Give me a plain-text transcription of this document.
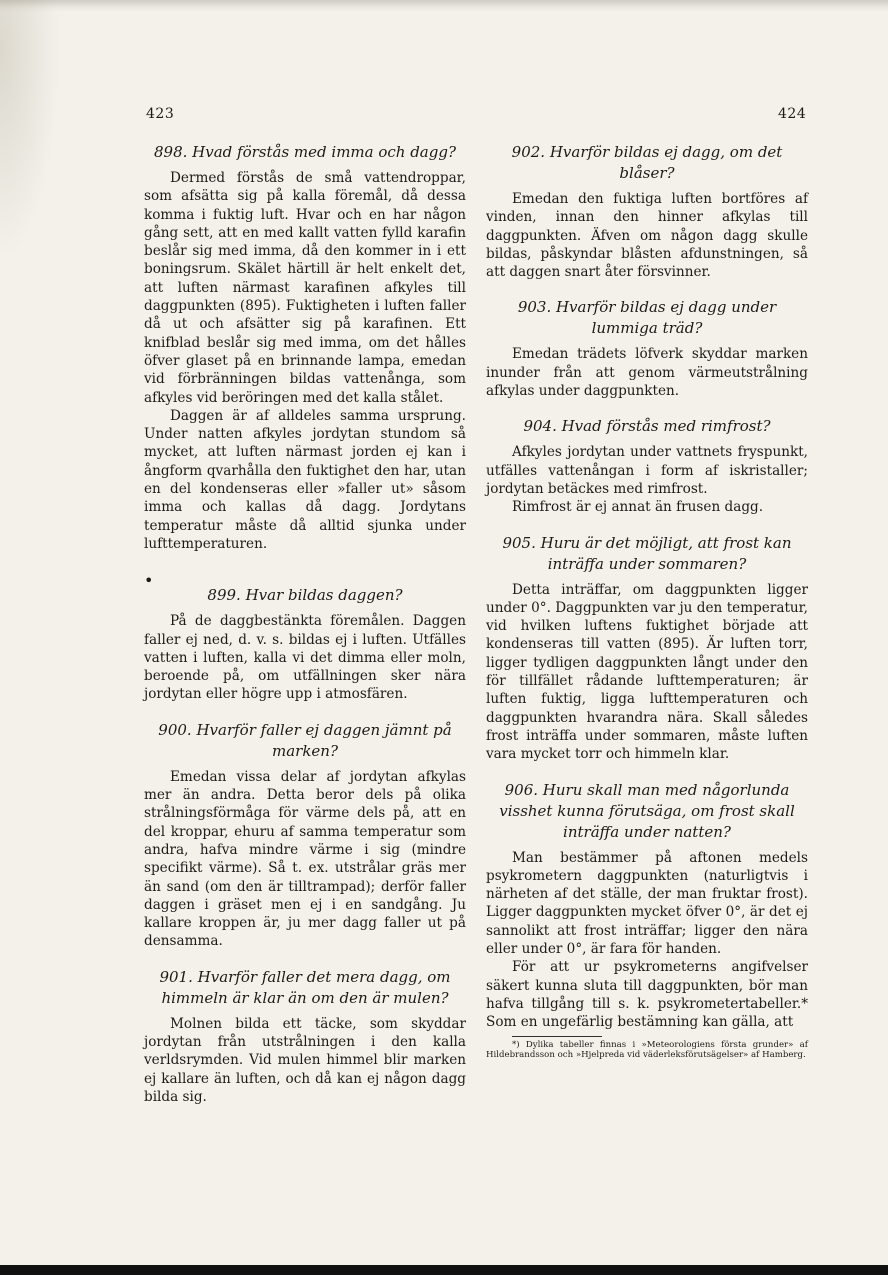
423	424
898. Hvad förstås med imma och dagg?

Dermed förstås de små vattendroppar, som afsätta sig på kalla föremål, då dessa komma i fuktig luft. Hvar och en har någon gång sett, att en med kallt vatten fylld karafin beslår sig med imma, då den kommer in i ett boningsrum. Skälet härtill är helt enkelt det, att luften närmast karafinen afkyles till daggpunkten (895). Fuktigheten i luften faller då ut och afsätter sig på karafinen. Ett knifblad beslår sig med imma, om det hålles öfver glaset på en brinnande lampa, emedan vid förbränningen bildas vattenånga, som afkyles vid beröringen med det kalla stålet.

Daggen är af alldeles samma ursprung. Under natten afkyles jordytan stundom så mycket, att luften närmast jorden ej kan i ångform qvarhålla den fuktighet den har, utan en del kondenseras eller »faller ut» såsom imma och kallas då dagg. Jordytans temperatur måste då alltid sjunka under lufttemperaturen.

•
899. Hvar bildas daggen?

På de daggbestänkta föremålen. Daggen faller ej ned, d. v. s. bildas ej i luften. Utfälles vatten i luften, kalla vi det dimma eller moln, beroende på, om utfällningen sker nära jordytan eller högre upp i atmosfären.

900. Hvarför faller ej daggen jämnt på marken?

Emedan vissa delar af jordytan afkylas mer än andra. Detta beror dels på olika strålningsförmåga för värme dels på, att en del kroppar, ehuru af samma temperatur som andra, hafva mindre värme i sig (mindre specifikt värme). Så t. ex. utstrålar gräs mer än sand (om den är tilltrampad); derför faller daggen i gräset men ej i en sandgång. Ju kallare kroppen är, ju mer dagg faller ut på densamma.

901. Hvarför faller det mera dagg, om himmeln är klar än om den är mulen?

Molnen bilda ett täcke, som skyddar jordytan från utstrålningen i den kalla verldsrymden. Vid mulen himmel blir marken ej kallare än luften, och då kan ej någon dagg bilda sig.

902. Hvarför bildas ej dagg, om det blåser?

Emedan den fuktiga luften bortföres af vinden, innan den hinner afkylas till daggpunkten. Äfven om någon dagg skulle bildas, påskyndar blåsten afdunstningen, så att daggen snart åter försvinner.

903. Hvarför bildas ej dagg under lummiga träd?

Emedan trädets löfverk skyddar marken inunder från att genom värmeutstrålning afkylas under daggpunkten.

904. Hvad förstås med rimfrost?

Afkyles jordytan under vattnets fryspunkt, utfälles vattenångan i form af iskristaller; jordytan betäckes med rimfrost.

Rimfrost är ej annat än frusen dagg.

905. Huru är det möjligt, att frost kan inträffa under sommaren?

Detta inträffar, om daggpunkten ligger under 0°. Daggpunkten var ju den temperatur, vid hvilken luftens fuktighet började att kondenseras till vatten (895). Är luften torr, ligger tydligen daggpunkten långt under den för tillfället rådande lufttemperaturen; är luften fuktig, ligga lufttemperaturen och daggpunkten hvarandra nära. Skall således frost inträffa under sommaren, måste luften vara mycket torr och himmeln klar.

906. Huru skall man med någorlunda visshet kunna förutsäga, om frost skall inträffa under natten?

Man bestämmer på aftonen medels psykrometern daggpunkten (naturligtvis i närheten af det ställe, der man fruktar frost). Ligger daggpunkten mycket öfver 0°, är det ej sannolikt att frost inträffar; ligger den nära eller under 0°, är fara för handen.

För att ur psykrometerns angifvelser säkert kunna sluta till daggpunkten, bör man hafva tillgång till s. k. psykrometertabeller.* Som en ungefärlig bestämning kan gälla, att

*) Dylika tabeller finnas i »Meteorologiens första grunder» af Hildebrandsson och »Hjelpreda vid väderleksförutsägelser» af Hamberg.
